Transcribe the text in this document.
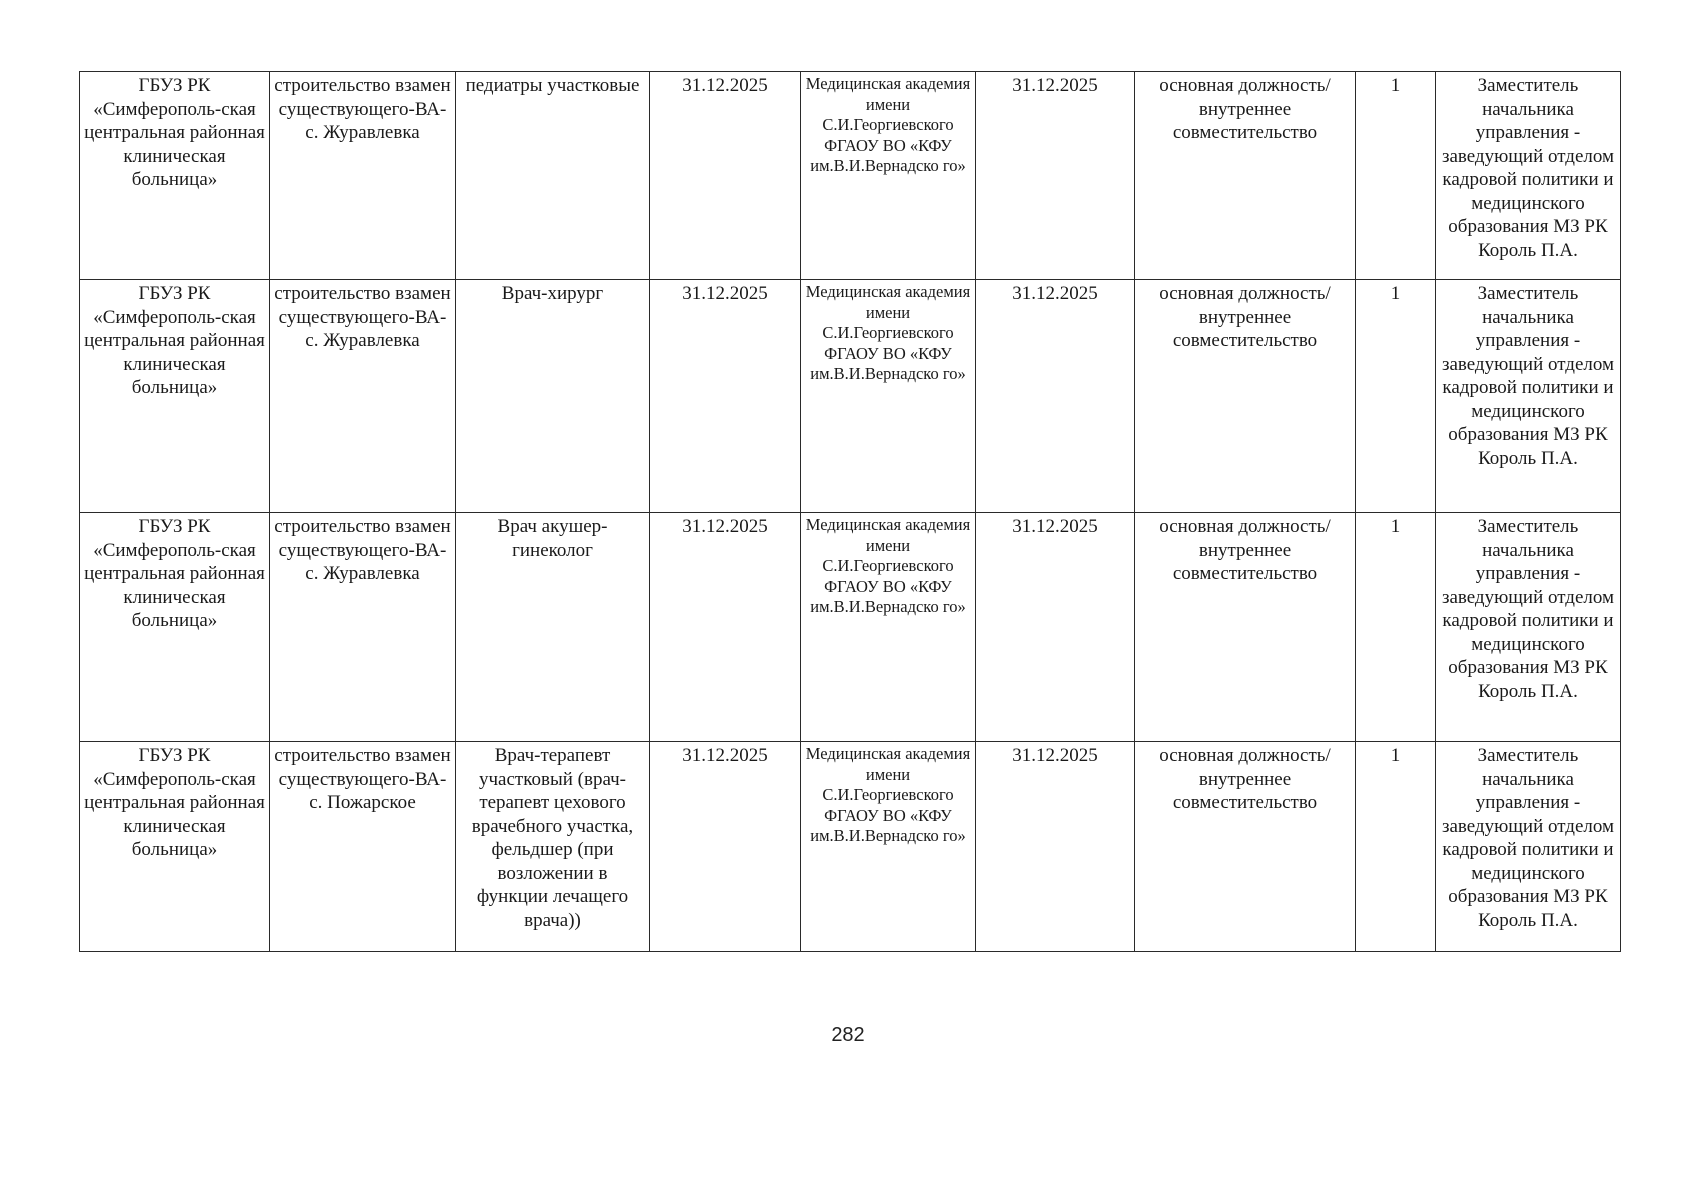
ГБУЗ РК «Симферополь-ская центральная районная клиническая больница»	строительство взамен существующего-ВА-с. Журавлевка	педиатры участковые	31.12.2025	Медицинская академия имени С.И.Георгиевского ФГАОУ ВО «КФУ им.В.И.Вернадско го»	31.12.2025	основная должность/ внутреннее совместительство	1	Заместитель начальника управления - заведующий отделом кадровой политики и медицинского образования МЗ РК Король П.А.
ГБУЗ РК «Симферополь-ская центральная районная клиническая больница»	строительство взамен существующего-ВА-с. Журавлевка	Врач-хирург	31.12.2025	Медицинская академия имени С.И.Георгиевского ФГАОУ ВО «КФУ им.В.И.Вернадско го»	31.12.2025	основная должность/ внутреннее совместительство	1	Заместитель начальника управления - заведующий отделом кадровой политики и медицинского образования МЗ РК Король П.А.
ГБУЗ РК «Симферополь-ская центральная районная клиническая больница»	строительство взамен существующего-ВА-с. Журавлевка	Врач акушер-гинеколог	31.12.2025	Медицинская академия имени С.И.Георгиевского ФГАОУ ВО «КФУ им.В.И.Вернадско го»	31.12.2025	основная должность/ внутреннее совместительство	1	Заместитель начальника управления - заведующий отделом кадровой политики и медицинского образования МЗ РК Король П.А.
ГБУЗ РК «Симферополь-ская центральная районная клиническая больница»	строительство взамен существующего-ВА-с. Пожарское	Врач-терапевт участковый (врач-терапевт цехового врачебного участка, фельдшер (при возложении в функции лечащего врача))	31.12.2025	Медицинская академия имени С.И.Георгиевского ФГАОУ ВО «КФУ им.В.И.Вернадско го»	31.12.2025	основная должность/ внутреннее совместительство	1	Заместитель начальника управления - заведующий отделом кадровой политики и медицинского образования МЗ РК Король П.А.
282
